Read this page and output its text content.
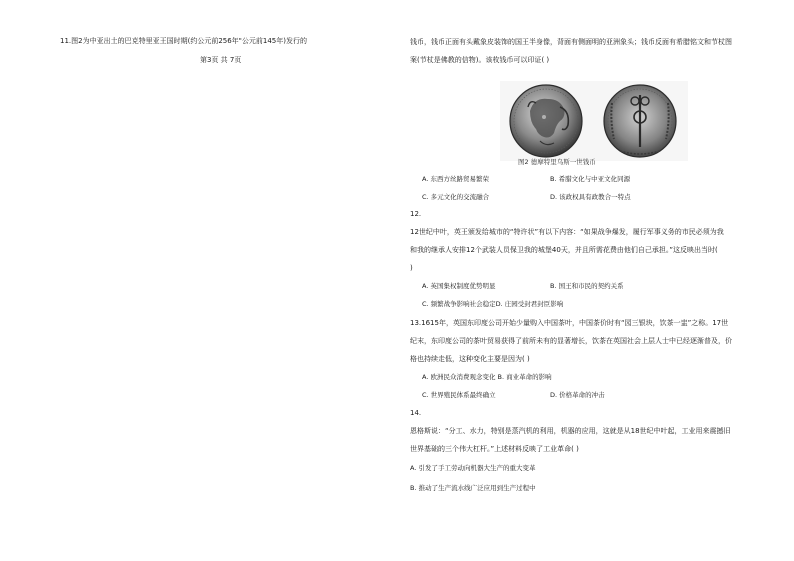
11.图2为中亚出土的巴克特里亚王国时期(约公元前256年"公元前145年)发行的
第3页 共 7页
钱币，钱币正面有头戴象皮装饰的国王半身像，背面有侧面明的亚洲象头；钱币反面有希腊铭文和节杖图
案(节杖是佛教的信物)。该枚钱币可以印证( )
图2 德摩特里乌斯一世钱币
A. 东西方丝路贸易繁荣	B. 希腊文化与中亚文化同源
C. 多元文化的交流融合	D. 该政权具有政教合一特点
12.
12世纪中叶，英王颁发给城市的“特许状”有以下内容：“如果战争爆发，履行军事义务的市民必须为我
和我的继承人安排12个武装人员保卫我的城堡40天，并且所需花费由他们自己承担。”这反映出当时(
)
A. 英国集权制度优势明显	B. 国王和市民的契约关系
C. 频繁战争影响社会稳定D. 庄园受封君封臣影响
13.1615年，英国东印度公司开始少量购入中国茶叶，中国茶价时有“园三银块，饮茶一盅”之称。17世
纪末，东印度公司的茶叶贸易获得了前所未有的显著增长，饮茶在英国社会上层人士中已经逐渐普及，价
格也持续走低，这种变化主要是因为( )
A. 欧洲民众消费观念变化 B. 商业革命的影响
C. 世界殖民体系最终确立	D. 价格革命的冲击
14.
恩格斯说：“分工、水力，特别是蒸汽机的利用，机器的应用，这就是从18世纪中叶起，工业用来震撼旧
世界基础的三个伟大杠杆。”上述材料反映了工业革命( )
A. 引发了手工劳动向机器大生产的重大变革
B. 推动了生产流水线广泛应用到生产过程中
